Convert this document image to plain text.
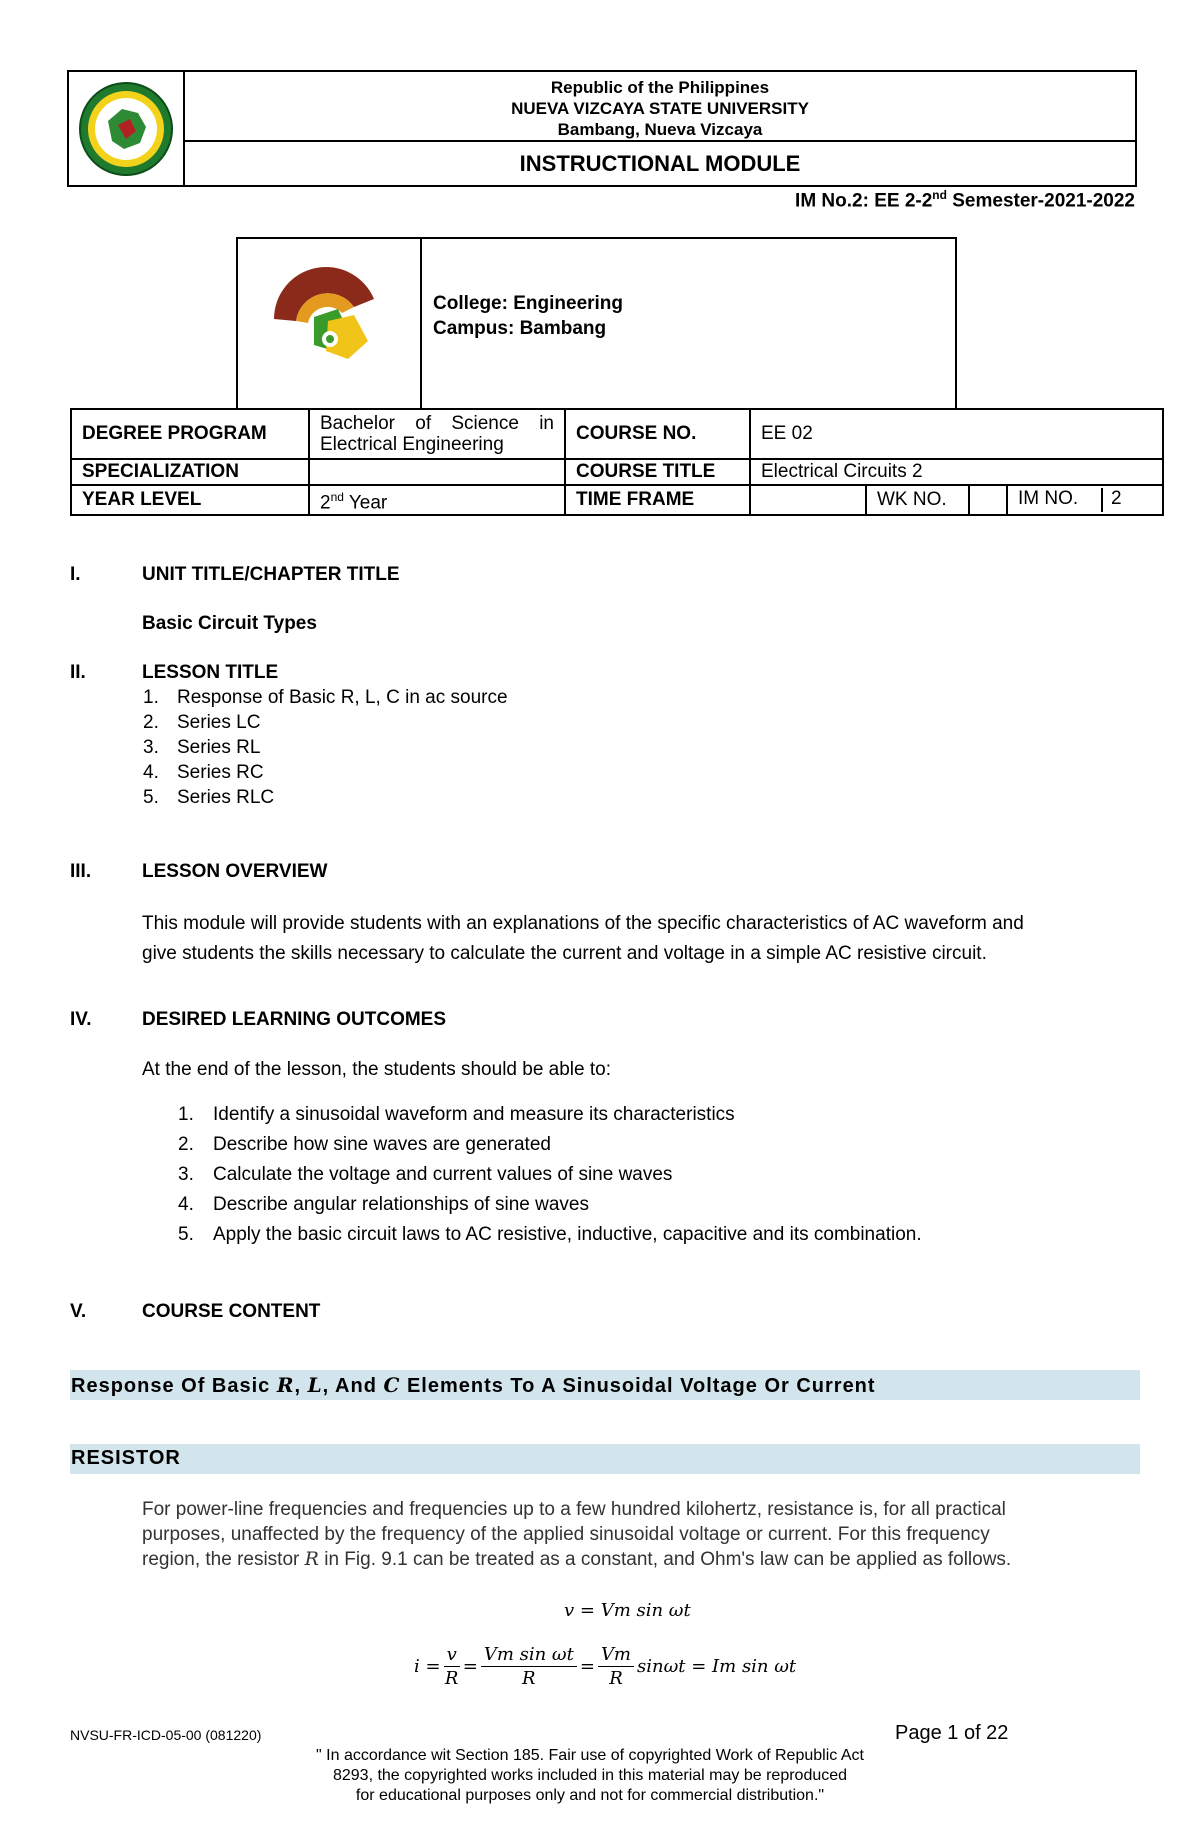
Republic of the Philippines
NUEVA VIZCAYA STATE UNIVERSITY
Bambang, Nueva Vizcaya
INSTRUCTIONAL MODULE
IM No.2: EE 2-2nd Semester-2021-2022
College: Engineering
Campus: Bambang
DEGREE PROGRAM	Bachelor of Science in Electrical Engineering	COURSE NO.	EE 02			
SPECIALIZATION		COURSE TITLE	Electrical Circuits 2			
YEAR LEVEL	2nd Year	TIME FRAME		WK NO.		IM NO. 2
I.	UNIT TITLE/CHAPTER TITLE
Basic Circuit Types
II.	LESSON TITLE
1. Response of Basic R, L, C in ac source
2. Series LC
3. Series RL
4. Series RC
5. Series RLC
III.	LESSON OVERVIEW
This module will provide students with an explanations of the specific characteristics of AC waveform and
give students the skills necessary to calculate the current and voltage in a simple AC resistive circuit.
IV.	DESIRED LEARNING OUTCOMES
At the end of the lesson, the students should be able to:
1. Identify a sinusoidal waveform and measure its characteristics
2. Describe how sine waves are generated
3. Calculate the voltage and current values of sine waves
4. Describe angular relationships of sine waves
5. Apply the basic circuit laws to AC resistive, inductive, capacitive and its combination.
V.	COURSE CONTENT
Response Of Basic R, L, And C Elements To A Sinusoidal Voltage Or Current
RESISTOR
For power-line frequencies and frequencies up to a few hundred kilohertz, resistance is, for all practical
purposes, unaffected by the frequency of the applied sinusoidal voltage or current. For this frequency
region, the resistor R in Fig. 9.1 can be treated as a constant, and Ohm's law can be applied as follows.
v = Vm sin ωt
$i = \frac{v}{R} = \frac{\text{Vm sin ωt}}{R} = \frac{Vm}{R}$ sinωt = Im sin ωt
NVSU-FR-ICD-05-00 (081220)	Page 1 of 22
" In accordance wit Section 185. Fair use of copyrighted Work of Republic Act
8293, the copyrighted works included in this material may be reproduced
for educational purposes only and not for commercial distribution."
